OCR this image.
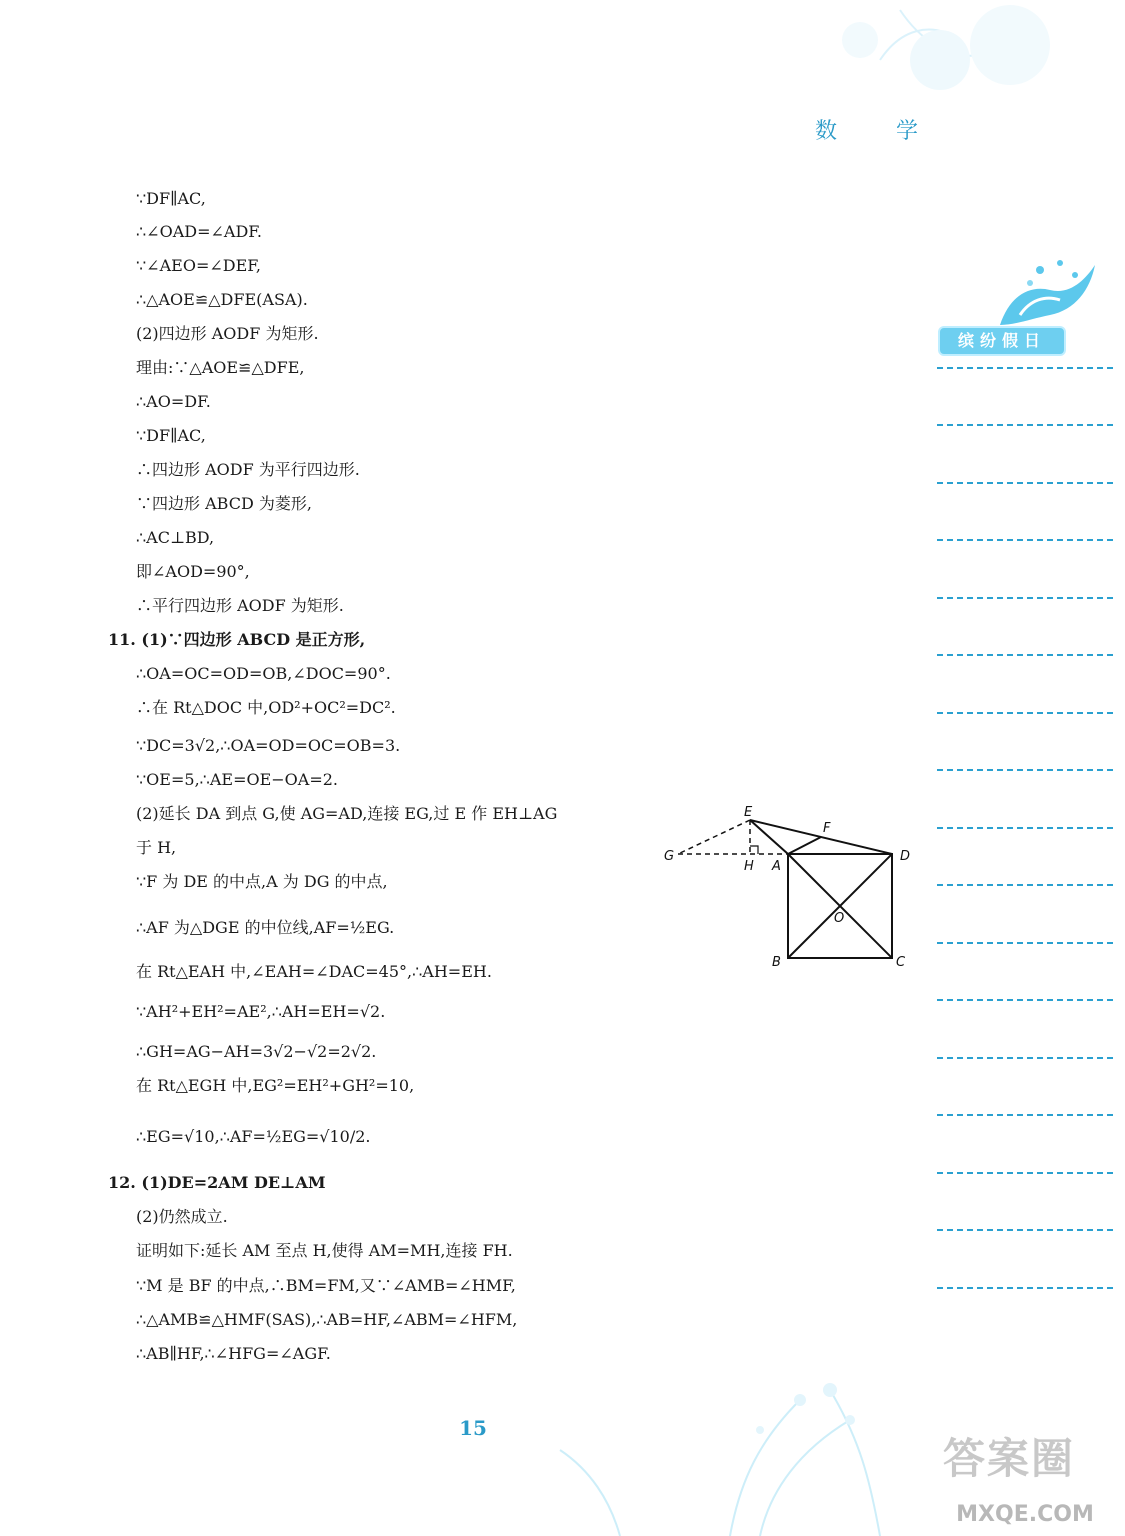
数 学
缤纷假日
∵DF∥AC,
∴∠OAD=∠ADF.
∵∠AEO=∠DEF,
∴△AOE≌△DFE(ASA).
(2)四边形 AODF 为矩形.
理由:∵△AOE≌△DFE,
∴AO=DF.
∵DF∥AC,
∴四边形 AODF 为平行四边形.
∵四边形 ABCD 为菱形,
∴AC⊥BD,
即∠AOD=90°,
∴平行四边形 AODF 为矩形.
11. (1)∵四边形 ABCD 是正方形,
∴OA=OC=OD=OB,∠DOC=90°.
∴在 Rt△DOC 中,OD²+OC²=DC².
∵DC=3√2,∴OA=OD=OC=OB=3.
∵OE=5,∴AE=OE−OA=2.
(2)延长 DA 到点 G,使 AG=AD,连接 EG,过 E 作 EH⊥AG
于 H,
∵F 为 DE 的中点,A 为 DG 的中点,
∴AF 为△DGE 的中位线,AF=½EG.
在 Rt△EAH 中,∠EAH=∠DAC=45°,∴AH=EH.
∵AH²+EH²=AE²,∴AH=EH=√2.
∴GH=AG−AH=3√2−√2=2√2.
在 Rt△EGH 中,EG²=EH²+GH²=10,
∴EG=√10,∴AF=½EG=√10/2.
12. (1)DE=2AM DE⊥AM
(2)仍然成立.
证明如下:延长 AM 至点 H,使得 AM=MH,连接 FH.
∵M 是 BF 的中点,∴BM=FM,又∵∠AMB=∠HMF,
∴△AMB≌△HMF(SAS),∴AB=HF,∠ABM=∠HFM,
∴AB∥HF,∴∠HFG=∠AGF.
E
F
G
H A
D
O
B	C
15
答案圈
MXQE.COM
